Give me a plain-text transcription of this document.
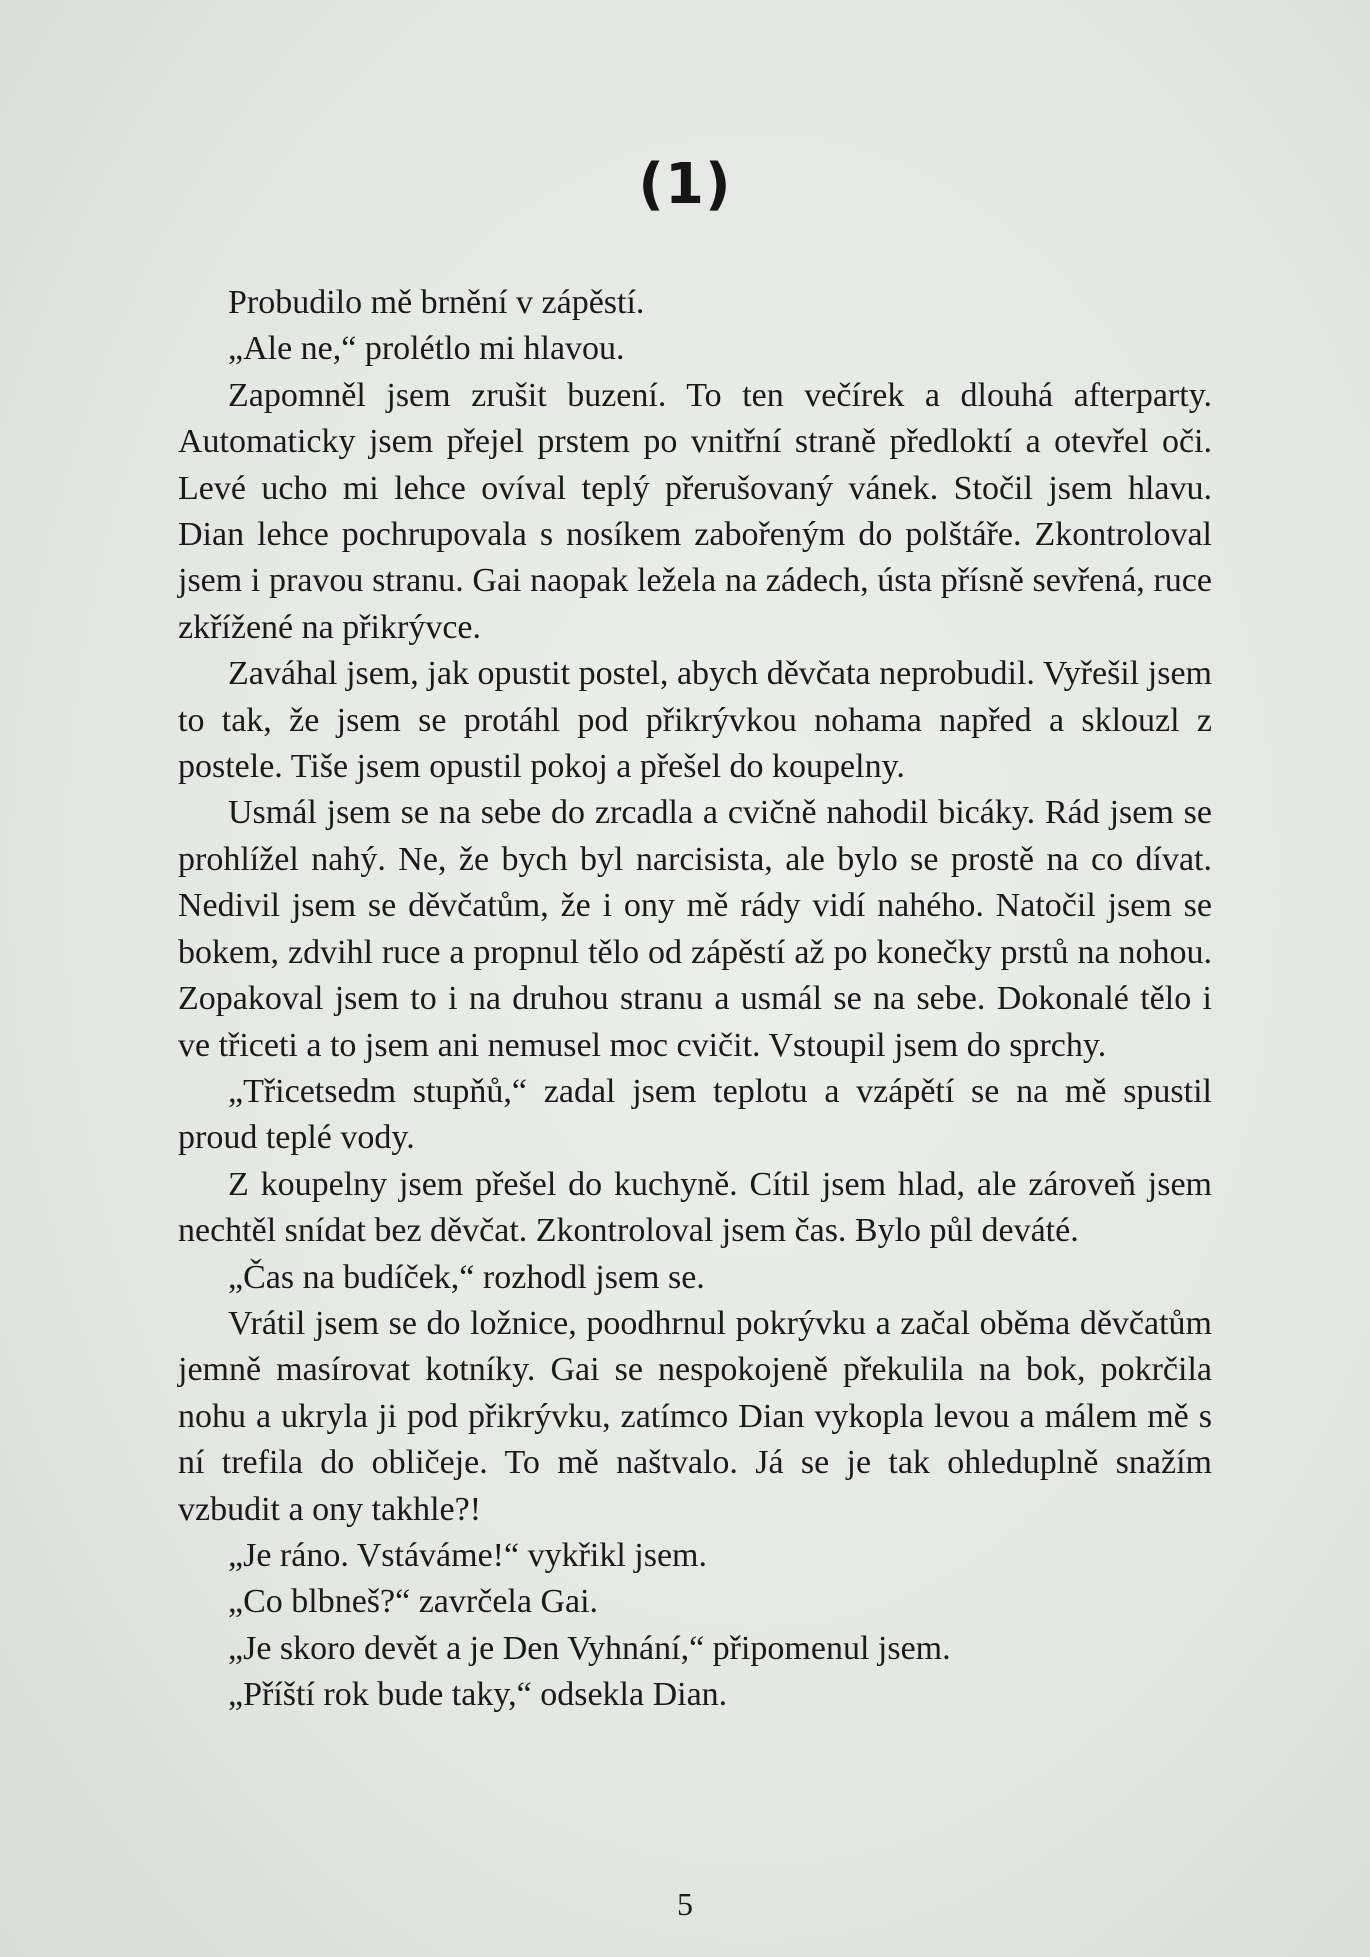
(1)

Probudilo mě brnění v zápěstí.

„Ale ne,“ prolétlo mi hlavou.

Zapomněl jsem zrušit buzení. To ten večírek a dlouhá afterparty. Automaticky jsem přejel prstem po vnitřní straně předloktí a otevřel oči. Levé ucho mi lehce ovíval teplý přerušovaný vánek. Stočil jsem hlavu. Dian lehce pochrupovala s nosíkem zabořeným do polštáře. Zkontroloval jsem i pravou stranu. Gai naopak ležela na zádech, ústa přísně sevřená, ruce zkřížené na přikrývce.

Zaváhal jsem, jak opustit postel, abych děvčata neprobudil. Vyřešil jsem to tak, že jsem se protáhl pod přikrývkou nohama napřed a sklouzl z postele. Tiše jsem opustil pokoj a přešel do koupelny.

Usmál jsem se na sebe do zrcadla a cvičně nahodil bicáky. Rád jsem se prohlížel nahý. Ne, že bych byl narcisista, ale bylo se prostě na co dívat. Nedivil jsem se děvčatům, že i ony mě rády vidí nahého. Natočil jsem se bokem, zdvihl ruce a propnul tělo od zápěstí až po konečky prstů na nohou. Zopakoval jsem to i na druhou stranu a usmál se na sebe. Dokonalé tělo i ve třiceti a to jsem ani nemusel moc cvičit. Vstoupil jsem do sprchy.

„Třicetsedm stupňů,“ zadal jsem teplotu a vzápětí se na mě spustil proud teplé vody.

Z koupelny jsem přešel do kuchyně. Cítil jsem hlad, ale zároveň jsem nechtěl snídat bez děvčat. Zkontroloval jsem čas. Bylo půl deváté.

„Čas na budíček,“ rozhodl jsem se.

Vrátil jsem se do ložnice, poodhrnul pokrývku a začal oběma děvčatům jemně masírovat kotníky. Gai se nespokojeně překulila na bok, pokrčila nohu a ukryla ji pod přikrývku, zatímco Dian vykopla levou a málem mě s ní trefila do obličeje. To mě naštvalo. Já se je tak ohleduplně snažím vzbudit a ony takhle?!

„Je ráno. Vstáváme!“ vykřikl jsem.

„Co blbneš?“ zavrčela Gai.

„Je skoro devět a je Den Vyhnání,“ připomenul jsem.

„Příští rok bude taky,“ odsekla Dian.

5
